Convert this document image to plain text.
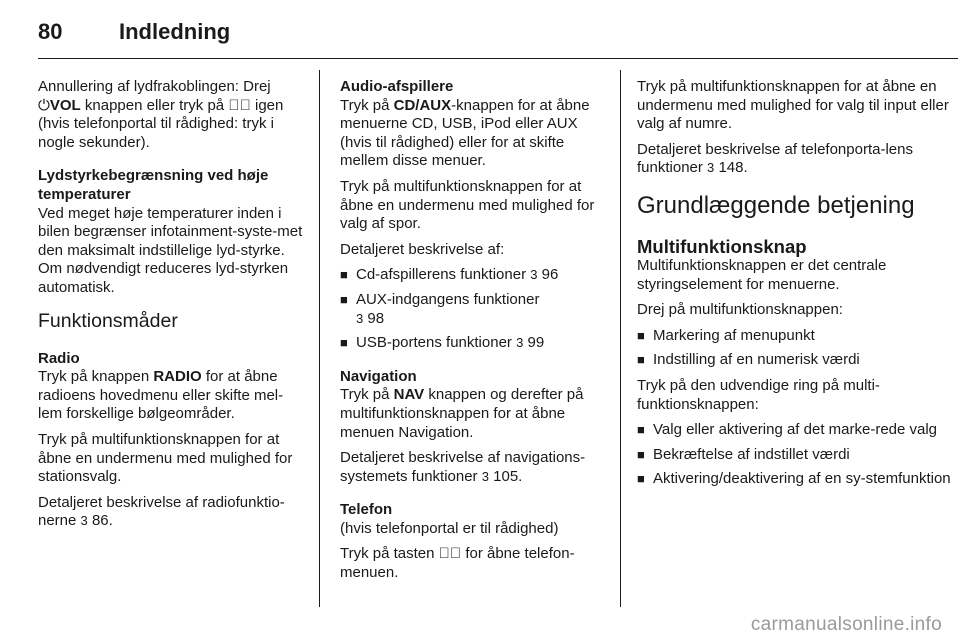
80	Indledning

Annullering af lydfrakoblingen: Drej ⏻VOL knappen eller tryk på ☏⃥ igen (hvis telefonportal til rådighed: tryk i nogle sekunder).

Lydstyrkebegrænsning ved høje temperaturer

Ved meget høje temperaturer inden i bilen begrænser infotainment-syste-met den maksimalt indstillelige lyd-styrke. Om nødvendigt reduceres lyd-styrken automatisk.

Funktionsmåder

Radio

Tryk på knappen RADIO for at åbne radioens hovedmenu eller skifte mel-lem forskellige bølgeområder.

Tryk på multifunktionsknappen for at åbne en undermenu med mulighed for stationsvalg.

Detaljeret beskrivelse af radiofunktio-nerne 3 86.

Audio-afspillere

Tryk på CD/AUX-knappen for at åbne menuerne CD, USB, iPod eller AUX (hvis til rådighed) eller for at skifte mellem disse menuer.

Tryk på multifunktionsknappen for at åbne en undermenu med mulighed for valg af spor.

Detaljeret beskrivelse af:

■ Cd-afspillerens funktioner 3 96
■ AUX-indgangens funktioner
3 98
■ USB-portens funktioner 3 99

Navigation

Tryk på NAV knappen og derefter på multifunktionsknappen for at åbne menuen Navigation.

Detaljeret beskrivelse af navigations-systemets funktioner 3 105.

Telefon

(hvis telefonportal er til rådighed)

Tryk på tasten ☏⃥ for åbne telefon-menuen.

Tryk på multifunktionsknappen for at åbne en undermenu med mulighed for valg til input eller valg af numre.

Detaljeret beskrivelse af telefonporta-lens funktioner 3 148.

Grundlæggende betjening
Multifunktionsknap

Multifunktionsknappen er det centrale styringselement for menuerne.

Drej på multifunktionsknappen:

■ Markering af menupunkt
■ Indstilling af en numerisk værdi

Tryk på den udvendige ring på multi-funktionsknappen:

■ Valg eller aktivering af det marke-rede valg
■ Bekræftelse af indstillet værdi
■ Aktivering/deaktivering af en sy-stemfunktion
carmanualsonline.info
